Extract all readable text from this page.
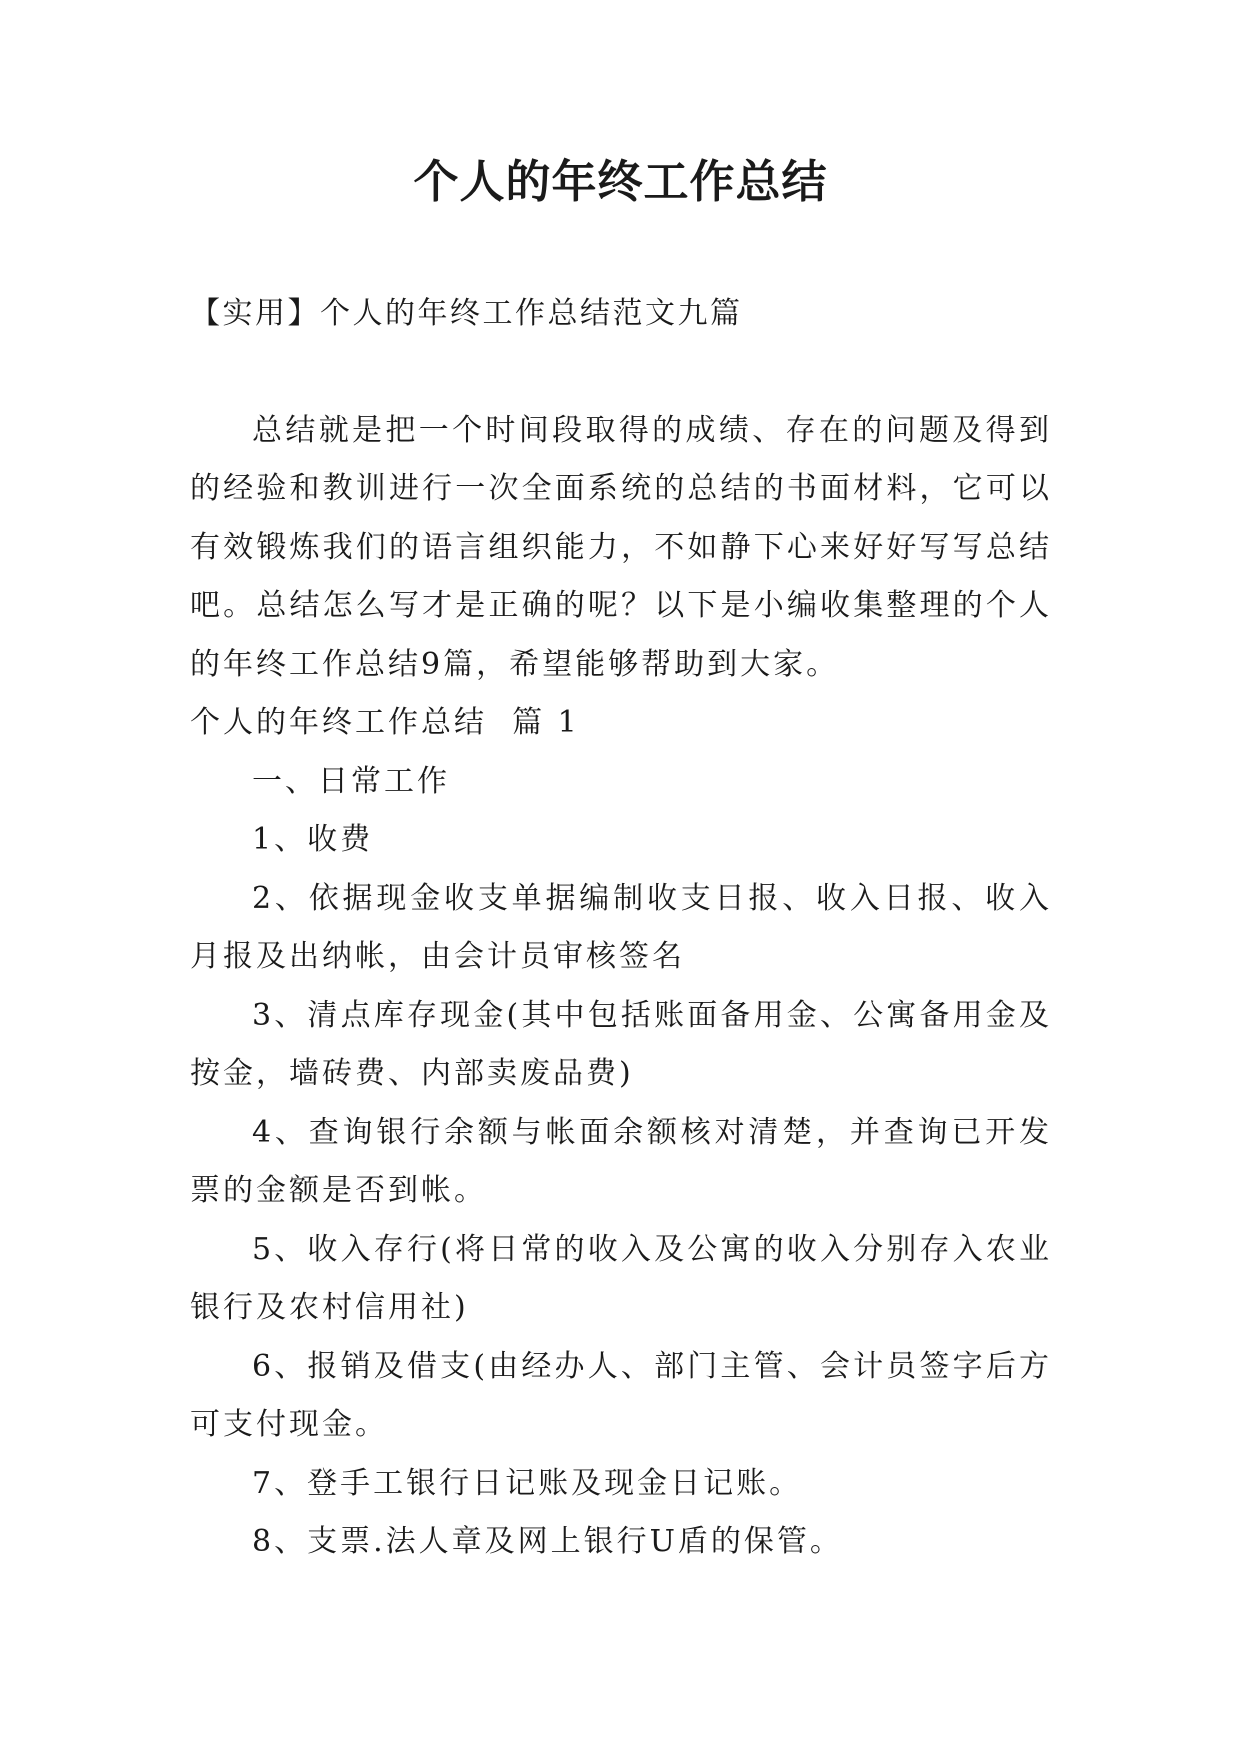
个人的年终工作总结

【实用】个人的年终工作总结范文九篇

总结就是把一个时间段取得的成绩、存在的问题及得到的经验和教训进行一次全面系统的总结的书面材料，它可以有效锻炼我们的语言组织能力，不如静下心来好好写写总结吧。总结怎么写才是正确的呢？以下是小编收集整理的个人的年终工作总结9篇，希望能够帮助到大家。

个人的年终工作总结  篇 1

一、日常工作

1、收费

2、依据现金收支单据编制收支日报、收入日报、收入月报及出纳帐，由会计员审核签名

3、清点库存现金(其中包括账面备用金、公寓备用金及按金，墙砖费、内部卖废品费)

4、查询银行余额与帐面余额核对清楚，并查询已开发票的金额是否到帐。

5、收入存行(将日常的收入及公寓的收入分别存入农业银行及农村信用社)

6、报销及借支(由经办人、部门主管、会计员签字后方可支付现金。

7、登手工银行日记账及现金日记账。

8、支票.法人章及网上银行U盾的保管。
